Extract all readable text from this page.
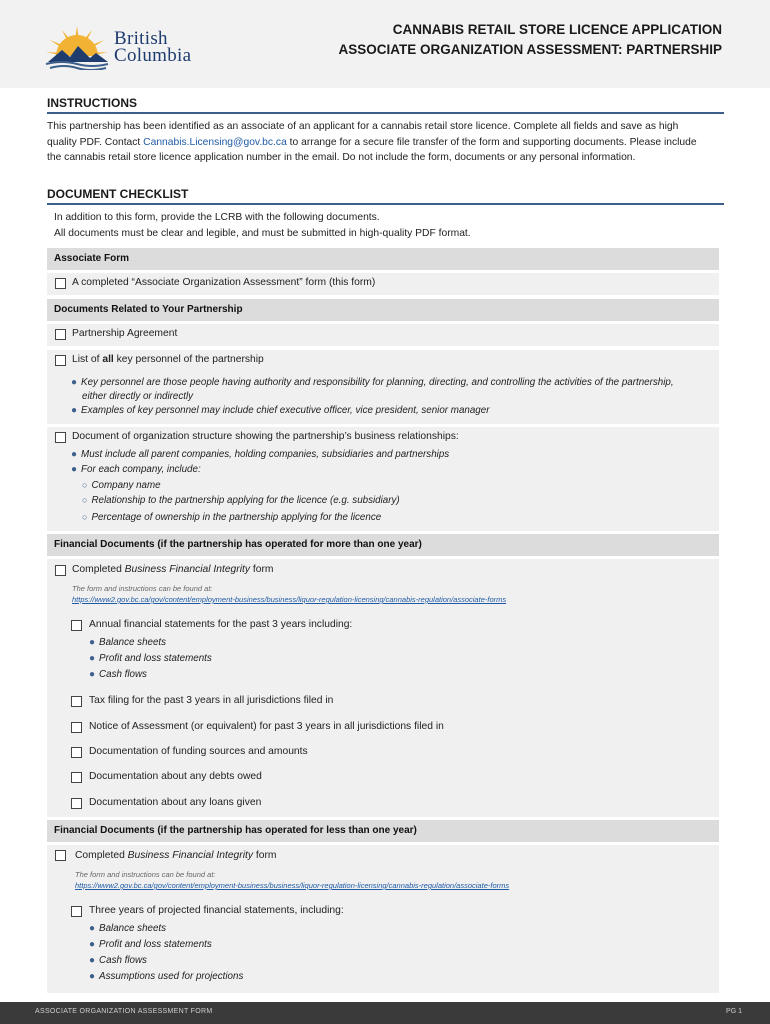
British
Columbia
CANNABIS RETAIL STORE LICENCE APPLICATION
ASSOCIATE ORGANIZATION ASSESSMENT: PARTNERSHIP
INSTRUCTIONS
This partnership has been identified as an associate of an applicant for a cannabis retail store licence. Complete all fields and save as high
quality PDF. Contact Cannabis.Licensing@gov.bc.ca to arrange for a secure file transfer of the form and supporting documents. Please include
the cannabis retail store licence application number in the email. Do not include the form, documents or any personal information.
DOCUMENT CHECKLIST
In addition to this form, provide the LCRB with the following documents.
All documents must be clear and legible, and must be submitted in high-quality PDF format.
Associate Form
A completed “Associate Organization Assessment” form (this form)
Documents Related to Your Partnership
Partnership Agreement
List of all key personnel of the partnership
● Key personnel are those people having authority and responsibility for planning, directing, and controlling the activities of the partnership,
either directly or indirectly
● Examples of key personnel may include chief executive officer, vice president, senior manager
Document of organization structure showing the partnership’s business relationships:
● Must include all parent companies, holding companies, subsidiaries and partnerships
● For each company, include:
○ Company name
○ Relationship to the partnership applying for the licence (e.g. subsidiary)
○ Percentage of ownership in the partnership applying for the licence
Financial Documents (if the partnership has operated for more than one year)
Completed Business Financial Integrity form
The form and instructions can be found at:
https://www2.gov.bc.ca/gov/content/employment-business/business/liquor-regulation-licensing/cannabis-regulation/associate-forms
Annual financial statements for the past 3 years including:
● Balance sheets
● Profit and loss statements
● Cash flows
Tax filing for the past 3 years in all jurisdictions filed in
Notice of Assessment (or equivalent) for past 3 years in all jurisdictions filed in
Documentation of funding sources and amounts
Documentation about any debts owed
Documentation about any loans given
Financial Documents (if the partnership has operated for less than one year)
Completed Business Financial Integrity form
The form and instructions can be found at:
https://www2.gov.bc.ca/gov/content/employment-business/business/liquor-regulation-licensing/cannabis-regulation/associate-forms
Three years of projected financial statements, including:
● Balance sheets
● Profit and loss statements
● Cash flows
● Assumptions used for projections
ASSOCIATE ORGANIZATION ASSESSMENT FORM	PG 1
